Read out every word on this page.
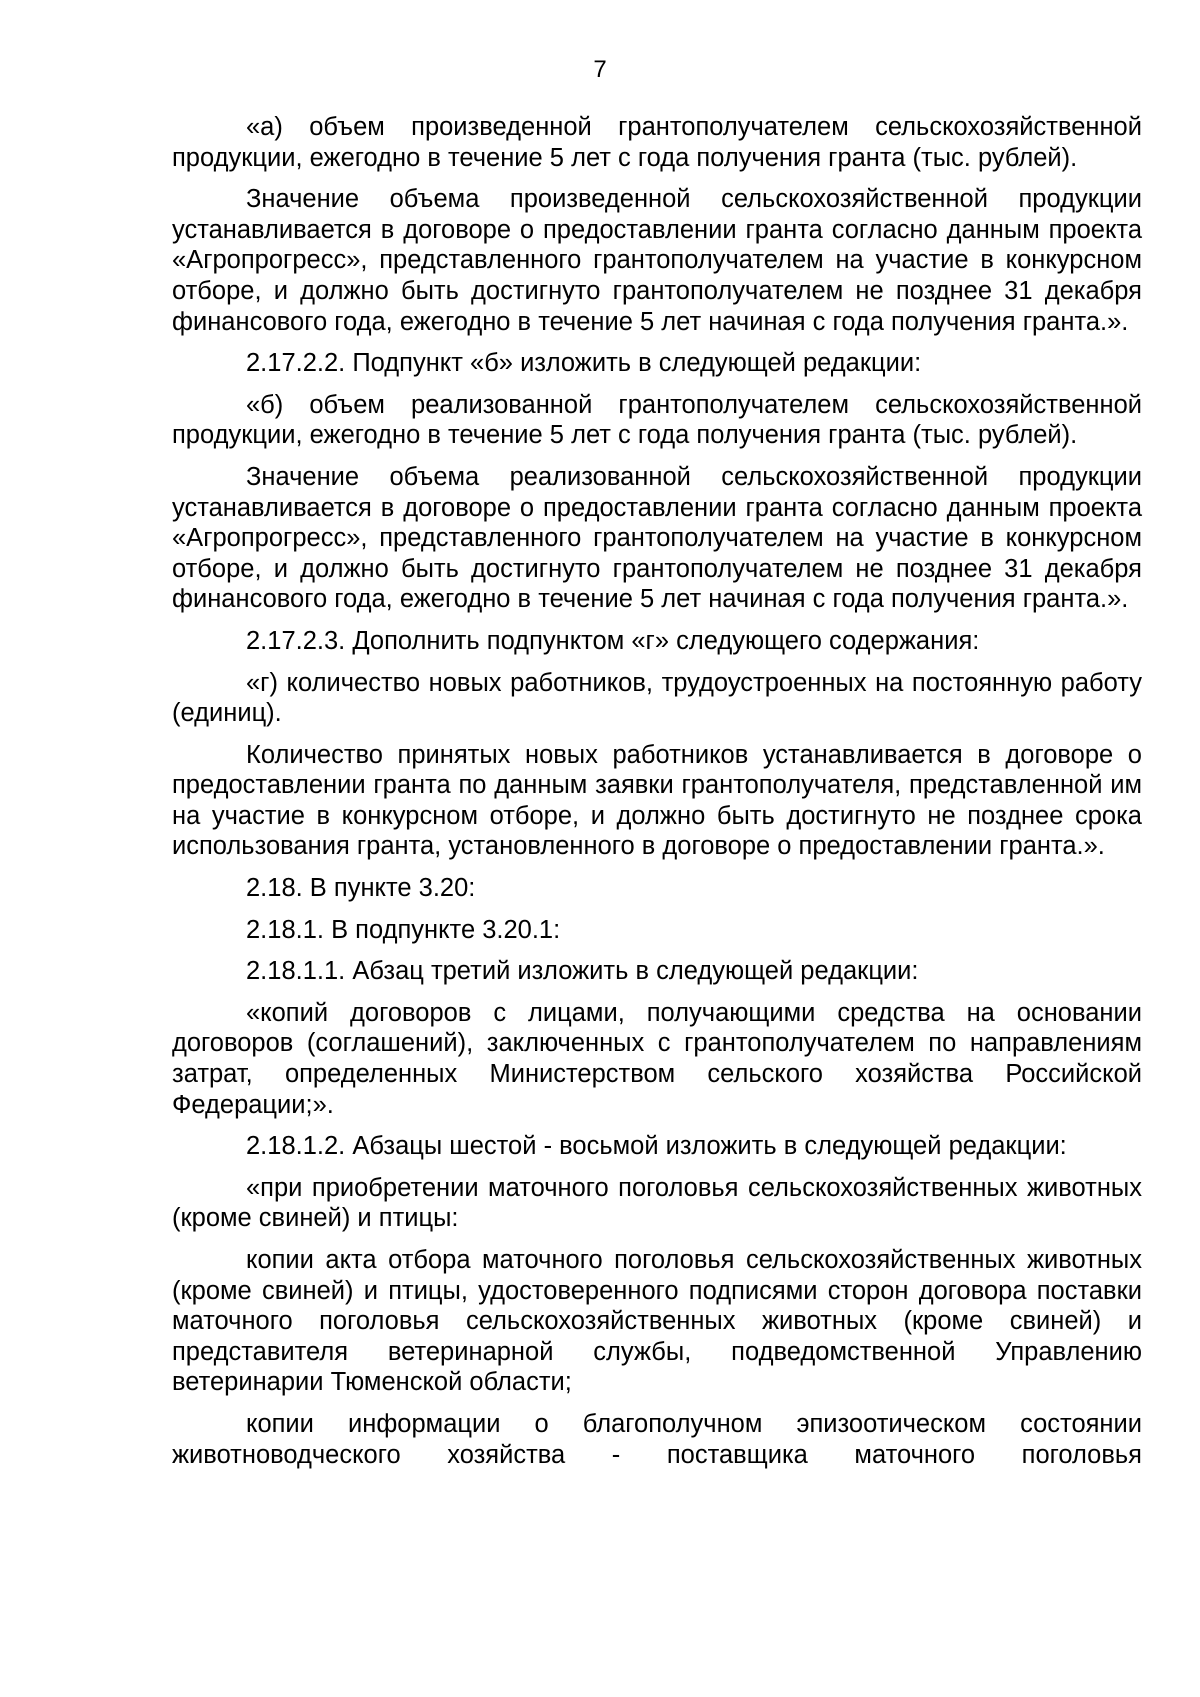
7

«а) объем произведенной грантополучателем сельскохозяйственной продукции, ежегодно в течение 5 лет с года получения гранта (тыс. рублей).

Значение объема произведенной сельскохозяйственной продукции устанавливается в договоре о предоставлении гранта согласно данным проекта «Агропрогресс», представленного грантополучателем на участие в конкурсном отборе, и должно быть достигнуто грантополучателем не позднее 31 декабря финансового года, ежегодно в течение 5 лет начиная с года получения гранта.».

2.17.2.2. Подпункт «б» изложить в следующей редакции:

«б) объем реализованной грантополучателем сельскохозяйственной продукции, ежегодно в течение 5 лет с года получения гранта (тыс. рублей).

Значение объема реализованной сельскохозяйственной продукции устанавливается в договоре о предоставлении гранта согласно данным проекта «Агропрогресс», представленного грантополучателем на участие в конкурсном отборе, и должно быть достигнуто грантополучателем не позднее 31 декабря финансового года, ежегодно в течение 5 лет начиная с года получения гранта.».

2.17.2.3. Дополнить подпунктом «г» следующего содержания:

«г) количество новых работников, трудоустроенных на постоянную работу (единиц).

Количество принятых новых работников устанавливается в договоре о предоставлении гранта по данным заявки грантополучателя, представленной им на участие в конкурсном отборе, и должно быть достигнуто не позднее срока использования гранта, установленного в договоре о предоставлении гранта.».

2.18. В пункте 3.20:

2.18.1. В подпункте 3.20.1:

2.18.1.1. Абзац третий изложить в следующей редакции:

«копий договоров с лицами, получающими средства на основании договоров (соглашений), заключенных с грантополучателем по направлениям затрат, определенных Министерством сельского хозяйства Российской Федерации;».

2.18.1.2. Абзацы шестой - восьмой изложить в следующей редакции:

«при приобретении маточного поголовья сельскохозяйственных животных (кроме свиней) и птицы:

копии акта отбора маточного поголовья сельскохозяйственных животных (кроме свиней) и птицы, удостоверенного подписями сторон договора поставки маточного поголовья сельскохозяйственных животных (кроме свиней) и представителя ветеринарной службы, подведомственной Управлению ветеринарии Тюменской области;

копии информации о благополучном эпизоотическом состоянии животноводческого хозяйства - поставщика маточного поголовья
